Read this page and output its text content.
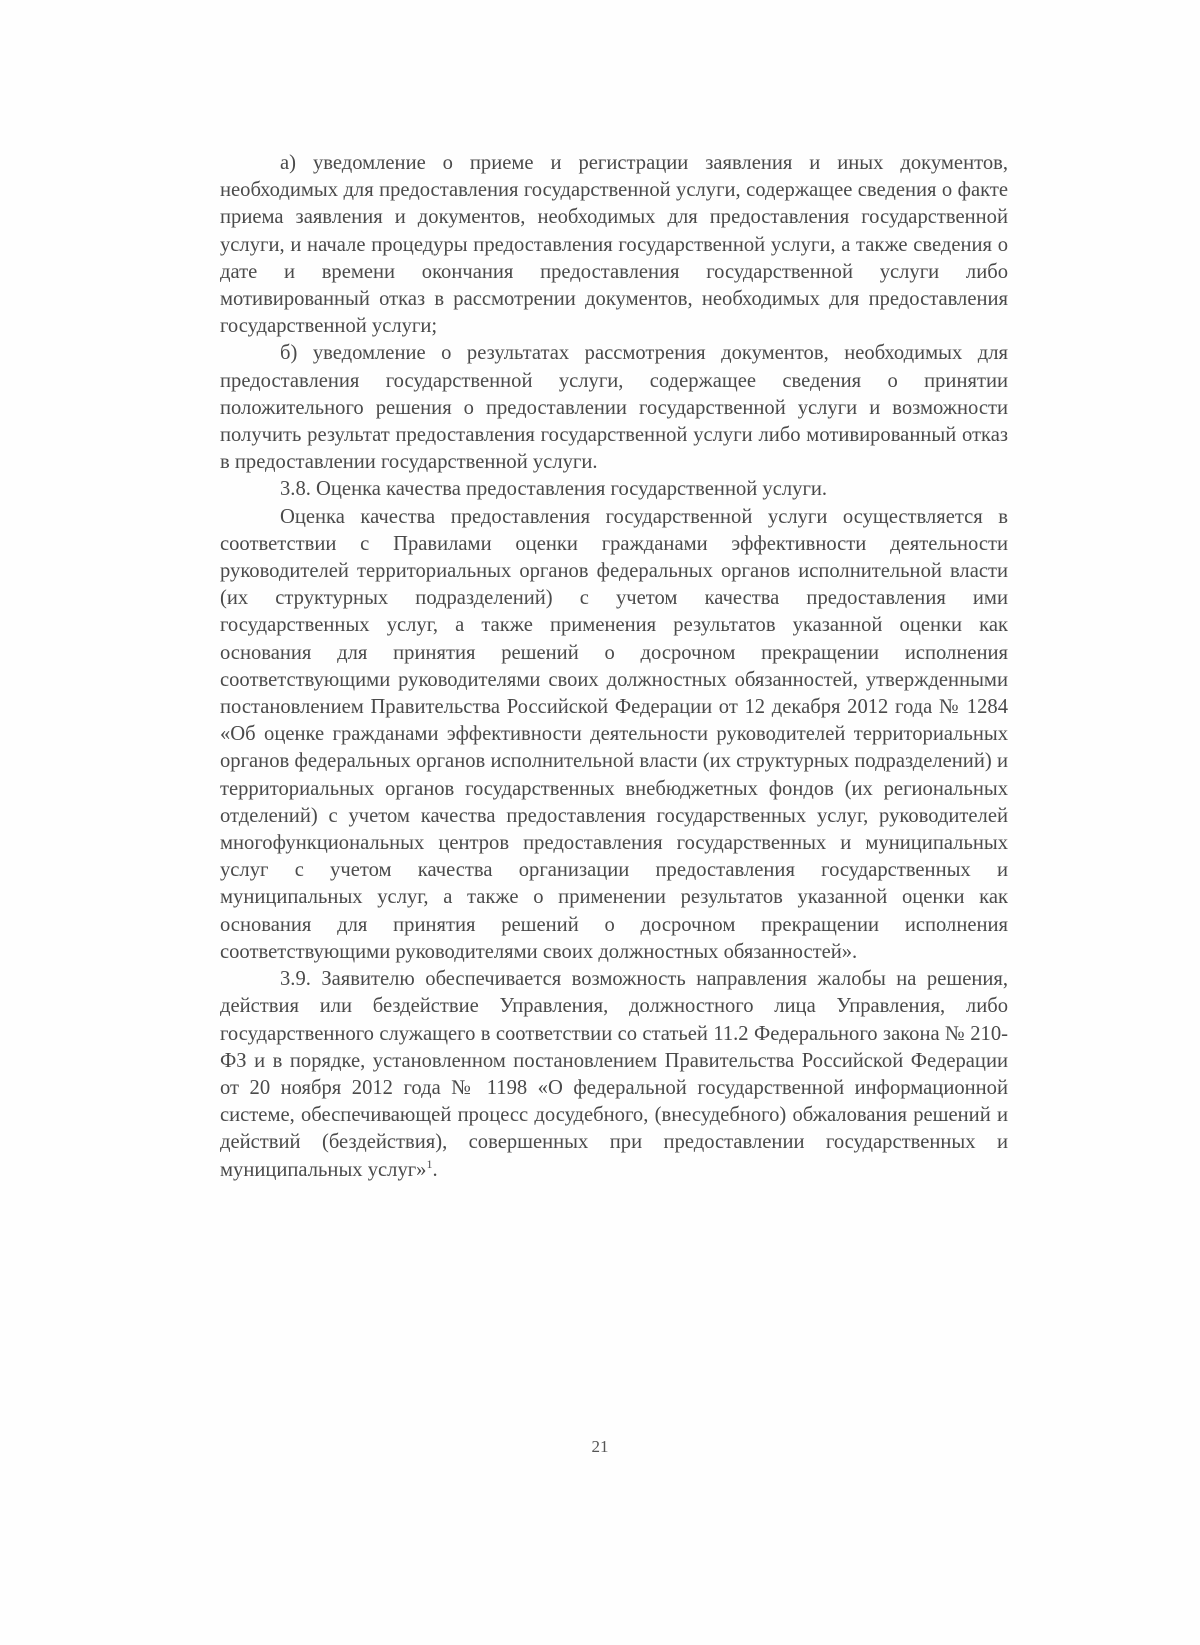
а) уведомление о приеме и регистрации заявления и иных документов, необходимых для предоставления государственной услуги, содержащее сведения о факте приема заявления и документов, необходимых для предоставления государственной услуги, и начале процедуры предоставления государственной услуги, а также сведения о дате и времени окончания предоставления государственной услуги либо мотивированный отказ в рассмотрении документов, необходимых для предоставления государственной услуги;

б) уведомление о результатах рассмотрения документов, необходимых для предоставления государственной услуги, содержащее сведения о принятии положительного решения о предоставлении государственной услуги и возможности получить результат предоставления государственной услуги либо мотивированный отказ в предоставлении государственной услуги.

3.8. Оценка качества предоставления государственной услуги.

Оценка качества предоставления государственной услуги осуществляется в соответствии с Правилами оценки гражданами эффективности деятельности руководителей территориальных органов федеральных органов исполнительной власти (их структурных подразделений) с учетом качества предоставления ими государственных услуг, а также применения результатов указанной оценки как основания для принятия решений о досрочном прекращении исполнения соответствующими руководителями своих должностных обязанностей, утвержденными постановлением Правительства Российской Федерации от 12 декабря 2012 года № 1284 «Об оценке гражданами эффективности деятельности руководителей территориальных органов федеральных органов исполнительной власти (их структурных подразделений) и территориальных органов государственных внебюджетных фондов (их региональных отделений) с учетом качества предоставления государственных услуг, руководителей многофункциональных центров предоставления государственных и муниципальных услуг с учетом качества организации предоставления государственных и муниципальных услуг, а также о применении результатов указанной оценки как основания для принятия решений о досрочном прекращении исполнения соответствующими руководителями своих должностных обязанностей».

3.9. Заявителю обеспечивается возможность направления жалобы на решения, действия или бездействие Управления, должностного лица Управления, либо государственного служащего в соответствии со статьей 11.2 Федерального закона № 210-ФЗ и в порядке, установленном постановлением Правительства Российской Федерации от 20 ноября 2012 года № 1198 «О федеральной государственной информационной системе, обеспечивающей процесс досудебного, (внесудебного) обжалования решений и действий (бездействия), совершенных при предоставлении государственных и муниципальных услуг»$^1$.

21
